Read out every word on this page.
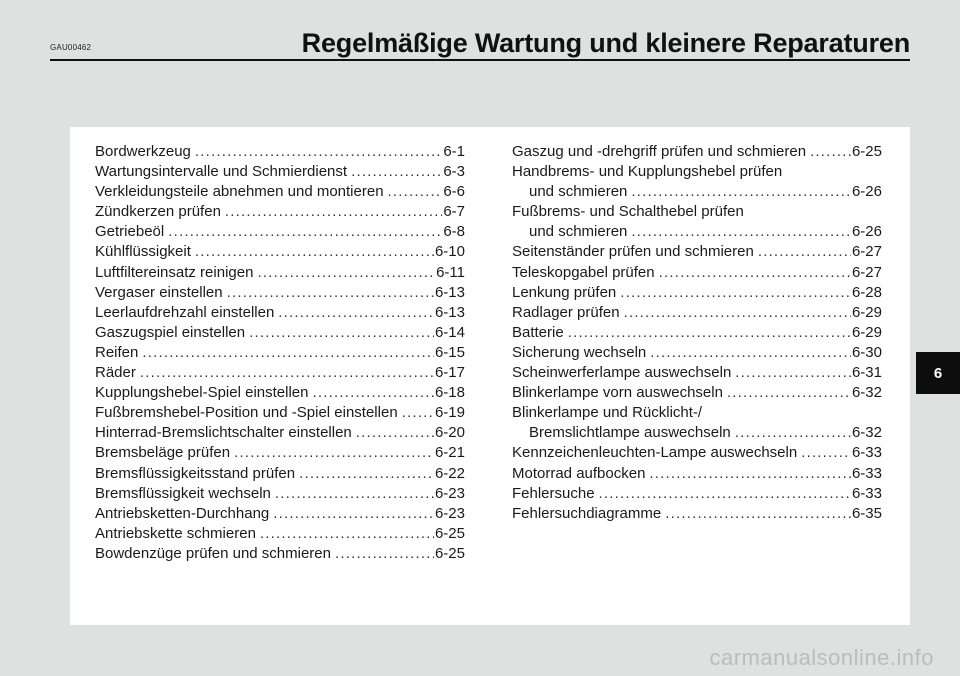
GAU00462	Regelmäßige Wartung und kleinere Reparaturen
Bordwerkzeug .....	6-1
Wartungsintervalle und Schmierdienst .....	6-3
Verkleidungsteile abnehmen und montieren .....	6-6
Zündkerzen prüfen .....	6-7
Getriebeöl .....	6-8
Kühlflüssigkeit .....	6-10
Luftfiltereinsatz reinigen .....	6-11
Vergaser einstellen .....	6-13
Leerlaufdrehzahl einstellen .....	6-13
Gaszugspiel einstellen .....	6-14
Reifen .....	6-15
Räder .....	6-17
Kupplungshebel-Spiel einstellen .....	6-18
Fußbremshebel-Position und -Spiel einstellen ..... 6-19
Hinterrad-Bremslichtschalter einstellen .....	6-20
Bremsbeläge prüfen .....	6-21
Bremsflüssigkeitsstand prüfen .....	6-22
Bremsflüssigkeit wechseln .....	6-23
Antriebsketten-Durchhang .....	6-23
Antriebskette schmieren .....	6-25
Bowdenzüge prüfen und schmieren .....	6-25
Gaszug und -drehgriff prüfen und schmieren .....	6-25
Handbrems- und Kupplungshebel prüfen
und schmieren .....	6-26
Fußbrems- und Schalthebel prüfen
und schmieren .....	6-26
Seitenständer prüfen und schmieren .....	6-27
Teleskopgabel prüfen .....	6-27
Lenkung prüfen .....	6-28
Radlager prüfen .....	6-29
Batterie .....	6-29
Sicherung wechseln .....	6-30
Scheinwerferlampe auswechseln .....	6-31
Blinkerlampe vorn auswechseln .....	6-32
Blinkerlampe und Rücklicht-/
Bremslichtlampe auswechseln .....	6-32
Kennzeichenleuchten-Lampe auswechseln .....	6-33
Motorrad aufbocken .....	6-33
Fehlersuche .....	6-33
Fehlersuchdiagramme .....	6-35
6
carmanualsonline.info
